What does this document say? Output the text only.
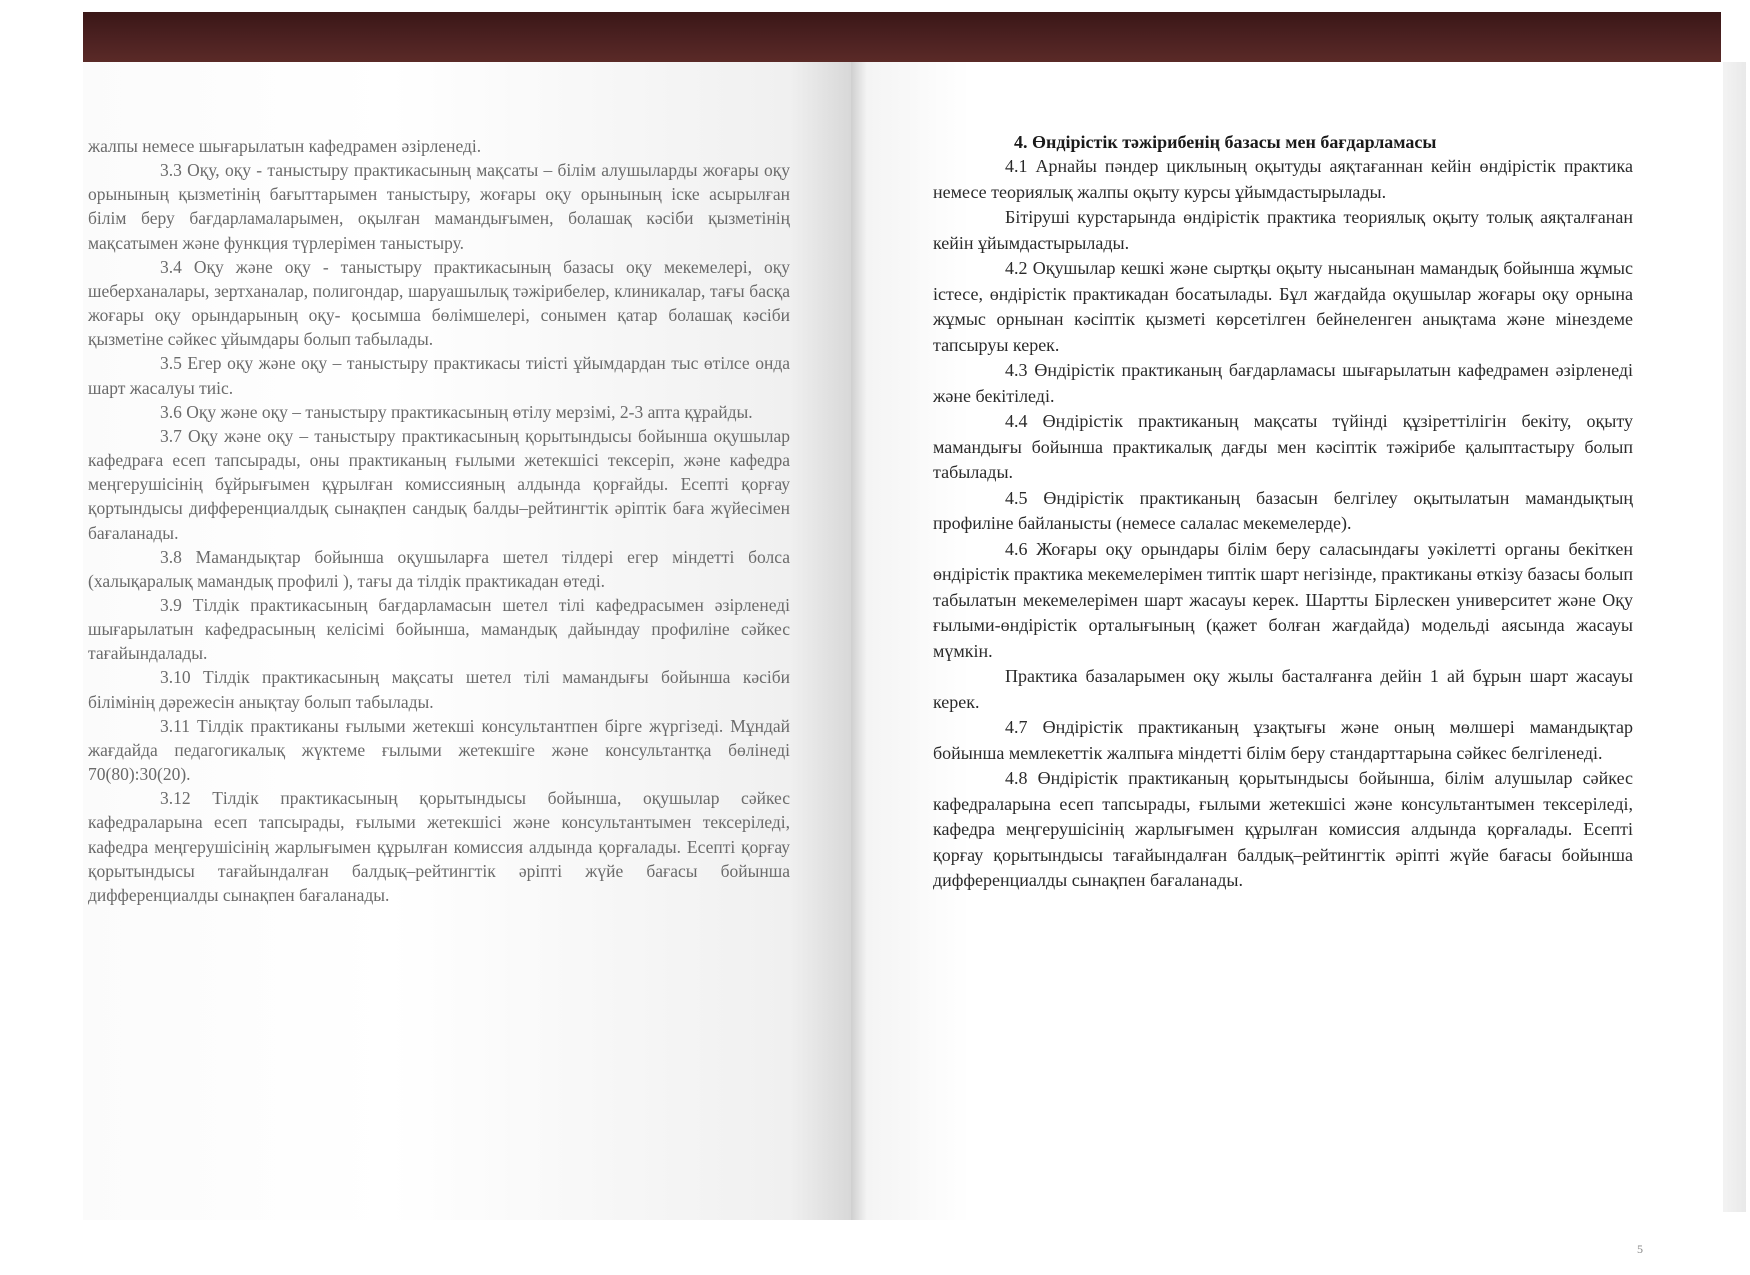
жалпы немесе шығарылатын кафедрамен әзірленеді.

3.3 Оқу, оқу - таныстыру практикасының мақсаты – білім алушыларды жоғары оқу орынының қызметінің бағыттарымен таныстыру, жоғары оқу орынының іске асырылған білім беру бағдарламаларымен, оқылған мамандығымен, болашақ кәсіби қызметінің мақсатымен және функция түрлерімен таныстыру.

3.4 Оқу және оқу - таныстыру практикасының базасы оқу мекемелері, оқу шеберханалары, зертханалар, полигондар, шаруашылық тәжірибелер, клиникалар, тағы басқа жоғары оқу орындарының оқу- қосымша бөлімшелері, сонымен қатар болашақ кәсіби қызметіне сәйкес ұйымдары болып табылады.

3.5 Егер оқу және оқу – таныстыру практикасы тиісті ұйымдардан тыс өтілсе онда шарт жасалуы тиіс.

3.6 Оқу және оқу – таныстыру практикасының өтілу мерзімі, 2-3 апта құрайды.

3.7 Оқу және оқу – таныстыру практикасының қорытындысы бойынша оқушылар кафедраға есеп тапсырады, оны практиканың ғылыми жетекшісі тексеріп, және кафедра меңгерушісінің бұйрығымен құрылған комиссияның алдында қорғайды. Есепті қорғау қортындысы дифференциалдық сынақпен сандық балды–рейтингтік әріптік баға жүйесімен бағаланады.

3.8 Мамандықтар бойынша оқушыларға шетел тілдері егер міндетті болса (халықаралық мамандық профилі ), тағы да тілдік практикадан өтеді.

3.9 Тілдік практикасының бағдарламасын шетел тілі кафедрасымен әзірленеді шығарылатын кафедрасының келісімі бойынша, мамандық дайындау профиліне сәйкес тағайындалады.

3.10 Тілдік практикасының мақсаты шетел тілі мамандығы бойынша кәсіби білімінің дәрежесін анықтау болып табылады.

3.11 Тілдік практиканы ғылыми жетекші консультантпен бірге жүргізеді. Мұндай жағдайда педагогикалық жүктеме ғылыми жетекшіге және консультантқа бөлінеді 70(80):30(20).

3.12 Тілдік практикасының қорытындысы бойынша, оқушылар сәйкес кафедраларына есеп тапсырады, ғылыми жетекшісі және консультантымен тексеріледі, кафедра меңгерушісінің жарлығымен құрылған комиссия алдында қорғалады. Есепті қорғау қорытындысы тағайындалған балдық–рейтингтік әріпті жүйе бағасы бойынша дифференциалды сынақпен бағаланады.

4. Өндірістік тәжірибенің базасы мен бағдарламасы

4.1 Арнайы пәндер циклының оқытуды аяқтағаннан кейін өндірістік практика немесе теориялық жалпы оқыту курсы ұйымдастырылады.

Бітіруші курстарында өндірістік практика теориялық оқыту толық аяқталғанан кейін ұйымдастырылады.

4.2 Оқушылар кешкі және сыртқы оқыту нысанынан мамандық бойынша жұмыс істесе, өндірістік практикадан босатылады. Бұл жағдайда оқушылар жоғары оқу орнына жұмыс орнынан кәсіптік қызметі көрсетілген бейнеленген анықтама және мінездеме тапсыруы керек.

4.3 Өндірістік практиканың бағдарламасы шығарылатын кафедрамен әзірленеді және бекітіледі.

4.4 Өндірістік практиканың мақсаты түйінді құзіреттілігін бекіту, оқыту мамандығы бойынша практикалық дағды мен кәсіптік тәжірибе қалыптастыру болып табылады.

4.5 Өндірістік практиканың базасын белгілеу оқытылатын мамандықтың профиліне байланысты (немесе салалас мекемелерде).

4.6 Жоғары оқу орындары білім беру саласындағы уәкілетті органы бекіткен өндірістік практика мекемелерімен типтік шарт негізінде, практиканы өткізу базасы болып табылатын мекемелерімен шарт жасауы керек. Шартты Бірлескен университет және Оқу ғылыми-өндірістік орталығының (қажет болған жағдайда) модельді аясында жасауы мүмкін.

Практика базаларымен оқу жылы басталғанға дейін 1 ай бұрын шарт жасауы керек.

4.7 Өндірістік практиканың ұзақтығы және оның мөлшері мамандықтар бойынша мемлекеттік жалпыға міндетті білім беру стандарттарына сәйкес белгіленеді.

4.8 Өндірістік практиканың қорытындысы бойынша, білім алушылар сәйкес кафедраларына есеп тапсырады, ғылыми жетекшісі және консультантымен тексеріледі, кафедра меңгерушісінің жарлығымен құрылған комиссия алдында қорғалады. Есепті қорғау қорытындысы тағайындалған балдық–рейтингтік әріпті жүйе бағасы бойынша дифференциалды сынақпен бағаланады.

5
